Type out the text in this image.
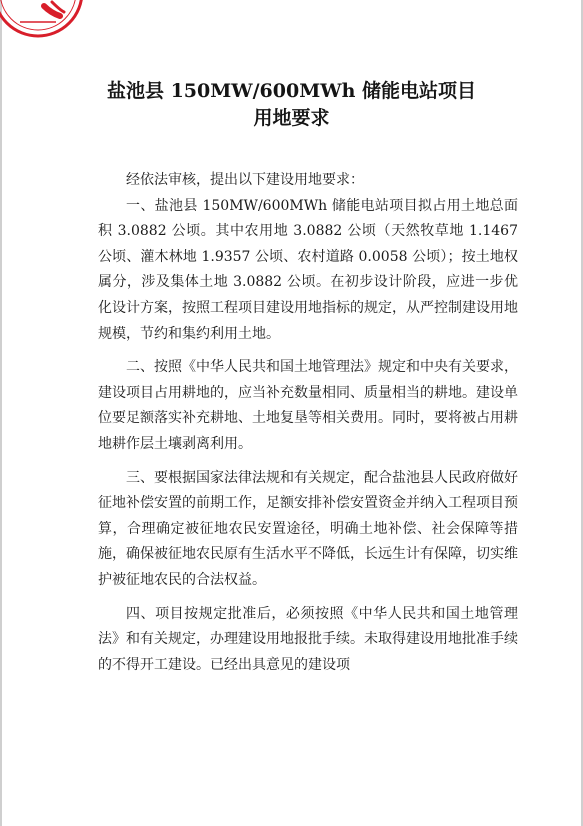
盐池县 150MW/600MWh 储能电站项目
用地要求

经依法审核，提出以下建设用地要求：

一、盐池县 150MW/600MWh 储能电站项目拟占用土地总面积 3.0882 公顷。其中农用地 3.0882 公顷（天然牧草地 1.1467 公顷、灌木林地 1.9357 公顷、农村道路 0.0058 公顷）；按土地权属分，涉及集体土地 3.0882 公顷。在初步设计阶段，应进一步优化设计方案，按照工程项目建设用地指标的规定，从严控制建设用地规模，节约和集约利用土地。

二、按照《中华人民共和国土地管理法》规定和中央有关要求，建设项目占用耕地的，应当补充数量相同、质量相当的耕地。建设单位要足额落实补充耕地、土地复垦等相关费用。同时，要将被占用耕地耕作层土壤剥离利用。

三、要根据国家法律法规和有关规定，配合盐池县人民政府做好征地补偿安置的前期工作，足额安排补偿安置资金并纳入工程项目预算，合理确定被征地农民安置途径，明确土地补偿、社会保障等措施，确保被征地农民原有生活水平不降低，长远生计有保障，切实维护被征地农民的合法权益。

四、项目按规定批准后，必须按照《中华人民共和国土地管理法》和有关规定，办理建设用地报批手续。未取得建设用地批准手续的不得开工建设。已经出具意见的建设项
